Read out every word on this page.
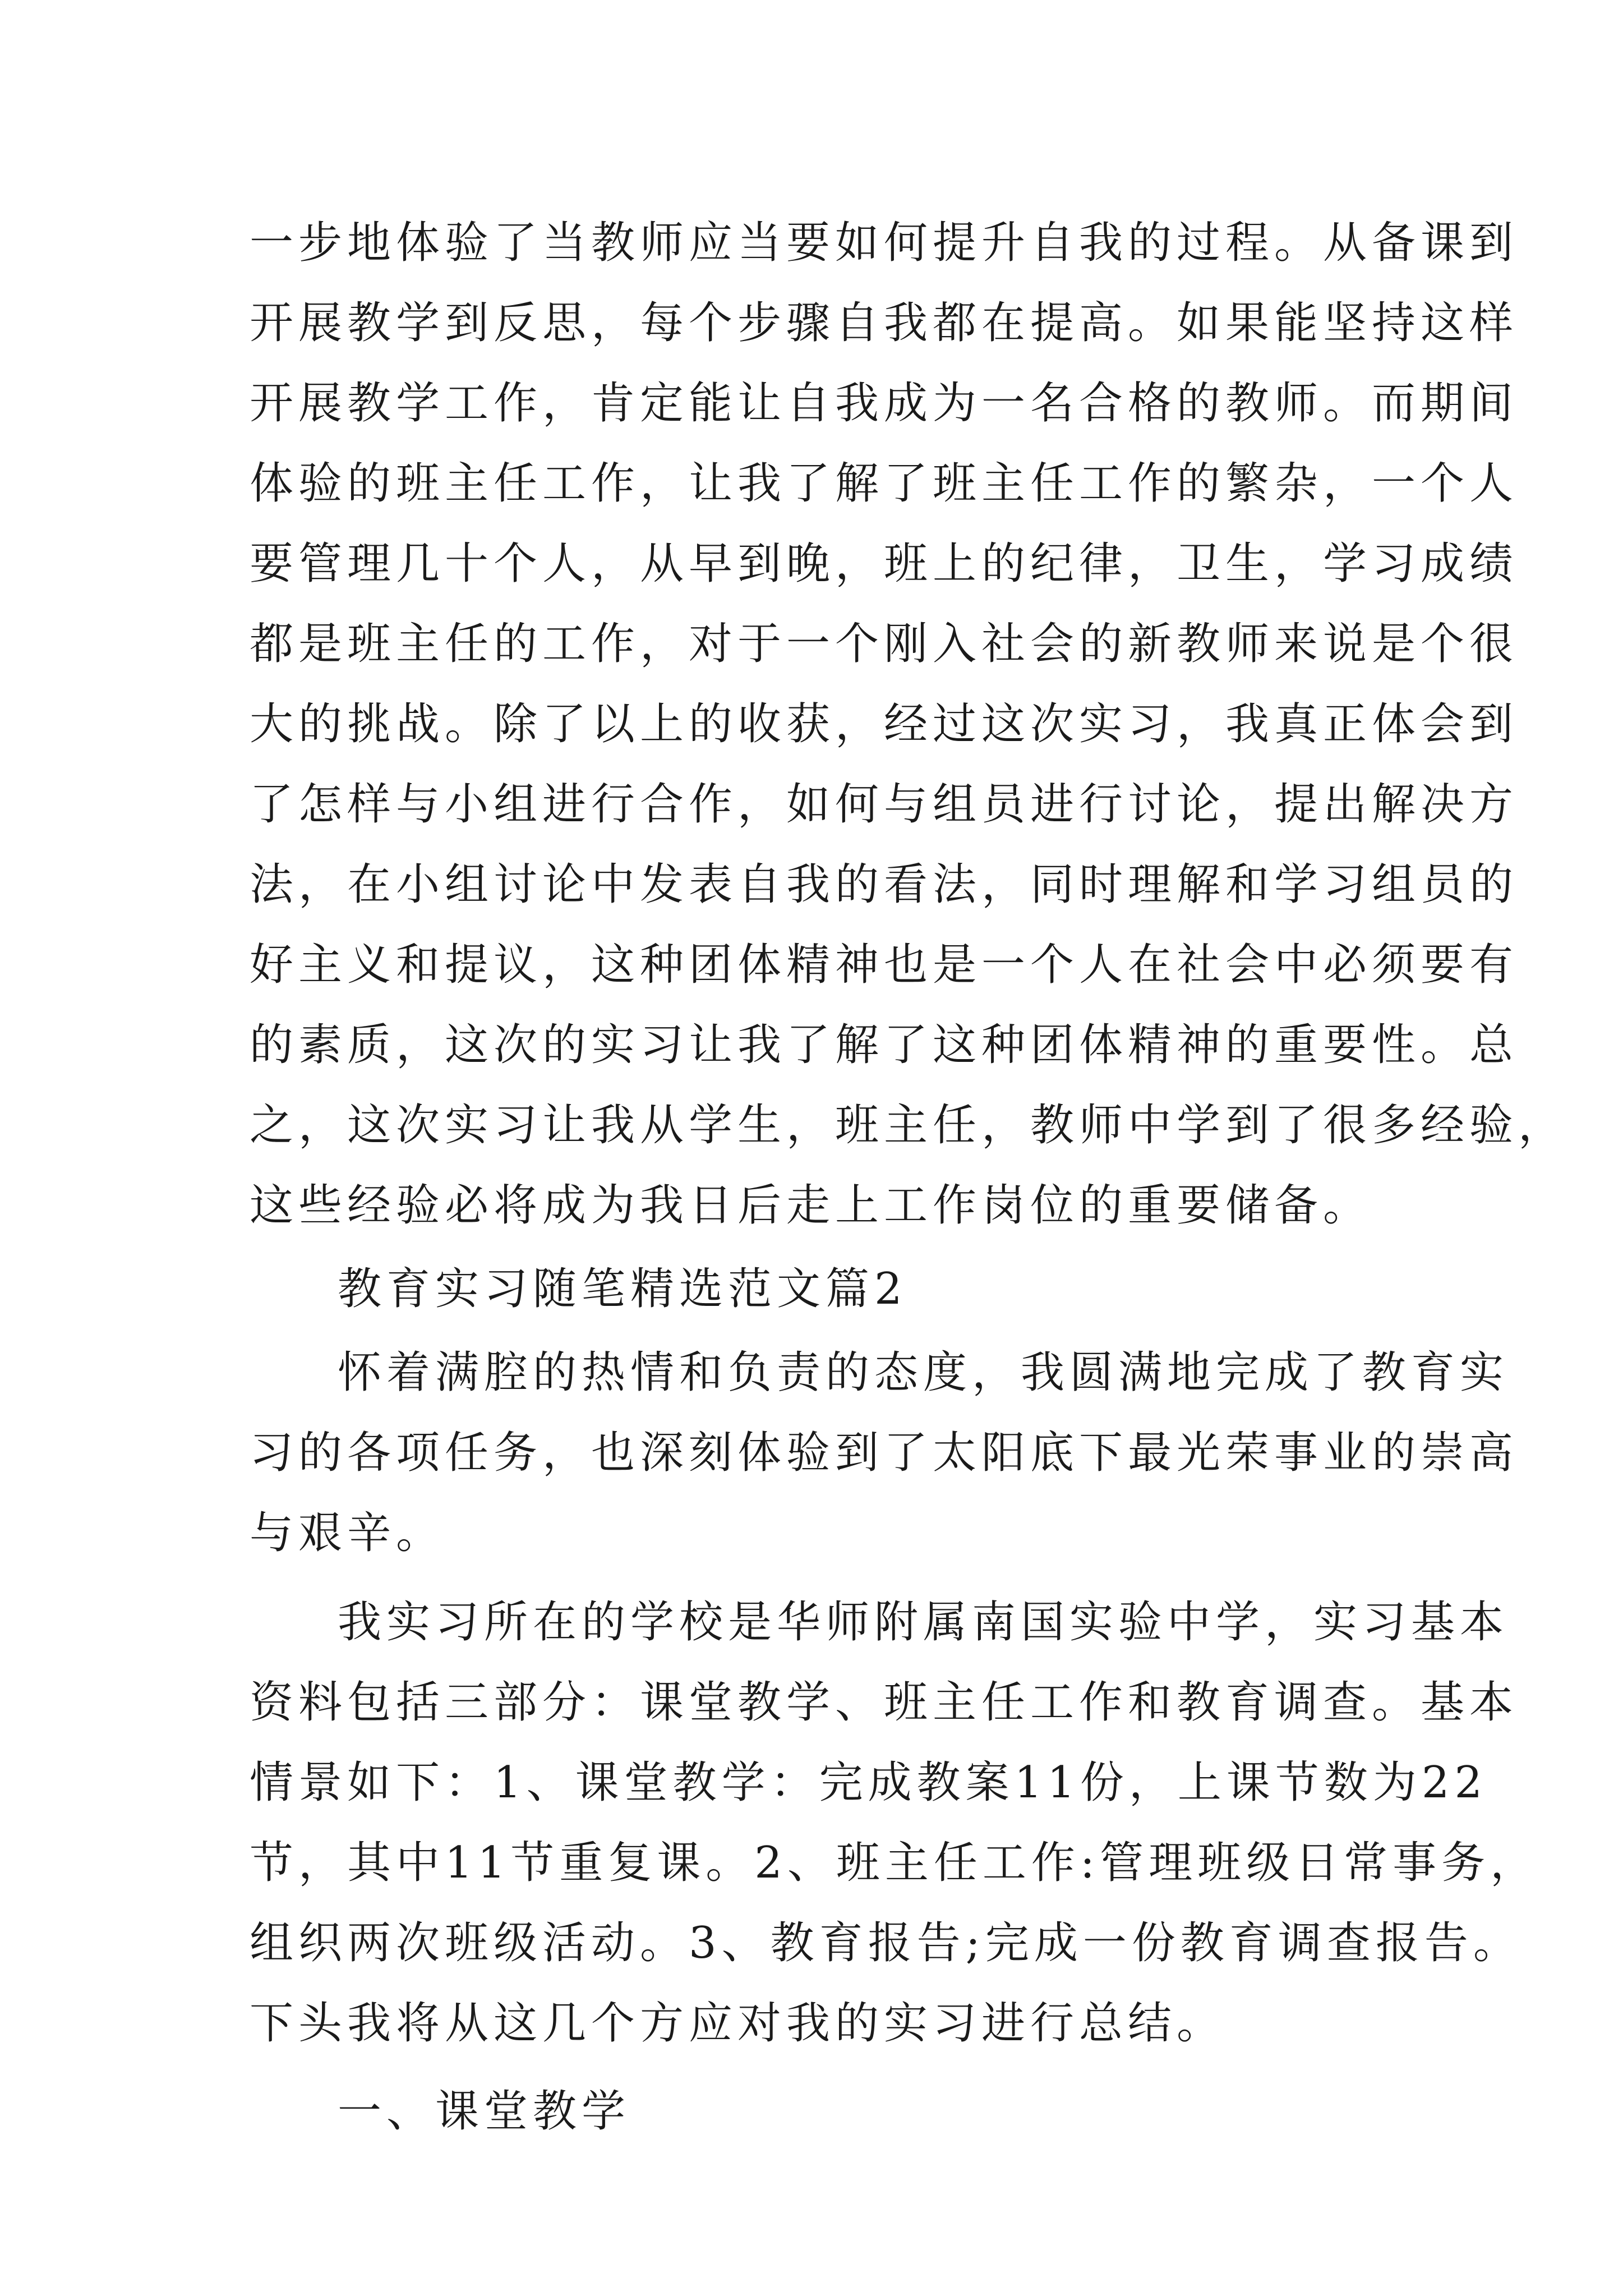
一步地体验了当教师应当要如何提升自我的过程。从备课到
开展教学到反思，每个步骤自我都在提高。如果能坚持这样
开展教学工作，肯定能让自我成为一名合格的教师。而期间
体验的班主任工作，让我了解了班主任工作的繁杂，一个人
要管理几十个人，从早到晚，班上的纪律，卫生，学习成绩
都是班主任的工作，对于一个刚入社会的新教师来说是个很
大的挑战。除了以上的收获，经过这次实习，我真正体会到
了怎样与小组进行合作，如何与组员进行讨论，提出解决方
法，在小组讨论中发表自我的看法，同时理解和学习组员的
好主义和提议，这种团体精神也是一个人在社会中必须要有
的素质，这次的实习让我了解了这种团体精神的重要性。总
之，这次实习让我从学生，班主任，教师中学到了很多经验，
这些经验必将成为我日后走上工作岗位的重要储备。
教育实习随笔精选范文篇2
怀着满腔的热情和负责的态度，我圆满地完成了教育实
习的各项任务，也深刻体验到了太阳底下最光荣事业的崇高
与艰辛。
我实习所在的学校是华师附属南国实验中学，实习基本
资料包括三部分：课堂教学、班主任工作和教育调查。基本
情景如下：1、课堂教学：完成教案11份，上课节数为22
节，其中11节重复课。2、班主任工作:管理班级日常事务，
组织两次班级活动。3、教育报告;完成一份教育调查报告。
下头我将从这几个方应对我的实习进行总结。
一、课堂教学
